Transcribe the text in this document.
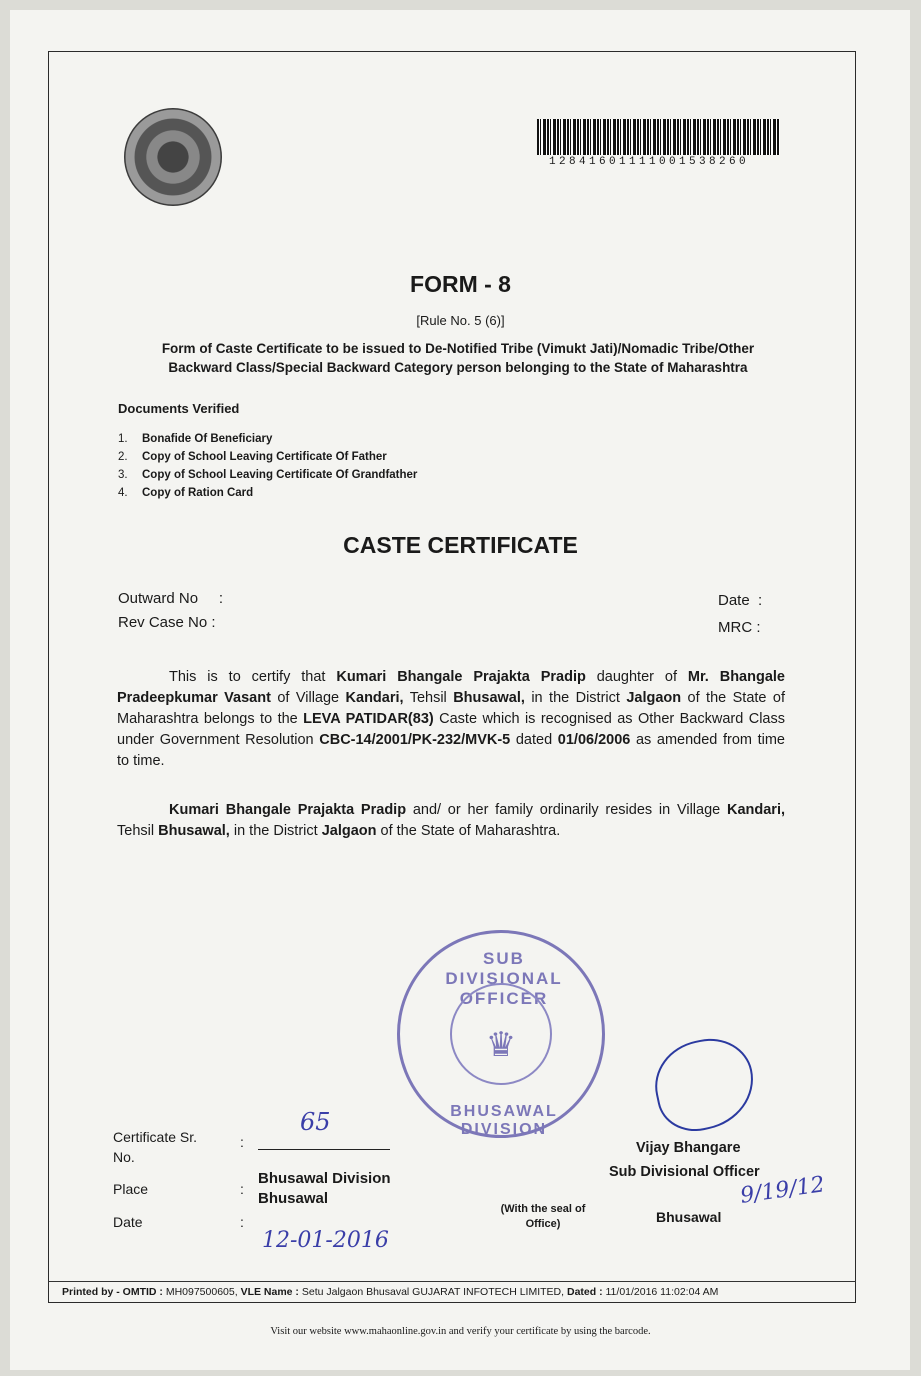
12841601111001538260
FORM - 8
[Rule No. 5 (6)]
Form of Caste Certificate to be issued to De-Notified Tribe (Vimukt Jati)/Nomadic Tribe/Other
Backward Class/Special Backward Category person belonging to the State of Maharashtra
Documents Verified
1. Bonafide Of Beneficiary
2. Copy of School Leaving Certificate Of Father
3. Copy of School Leaving Certificate Of Grandfather
4. Copy of Ration Card
CASTE CERTIFICATE
Outward No     :
Rev Case No :
Date  :
MRC :
This is to certify that Kumari Bhangale Prajakta Pradip daughter of Mr. Bhangale Pradeepkumar Vasant of Village Kandari, Tehsil Bhusawal, in the District Jalgaon of the State of Maharashtra belongs to the LEVA PATIDAR(83) Caste which is recognised as Other Backward Class under Government Resolution CBC-14/2001/PK-232/MVK-5 dated 01/06/2006 as amended from time to time.
Kumari Bhangale Prajakta Pradip and/ or her family ordinarily resides in Village Kandari, Tehsil Bhusawal, in the District Jalgaon of the State of Maharashtra.
SUB DIVISIONAL OFFICER
♛
BHUSAWAL DIVISION
Certificate Sr.
No.
:
65
Place	:
Bhusawal Division
Bhusawal
Date	:
12-01-2016
(With the seal of
Office)
Vijay Bhangare
Sub Divisional Officer
Bhusawal
9/19/12
Printed by - OMTID : MH097500605, VLE Name : Setu Jalgaon Bhusaval GUJARAT INFOTECH LIMITED, Dated : 11/01/2016 11:02:04 AM
Visit our website www.mahaonline.gov.in and verify your certificate by using the barcode.
